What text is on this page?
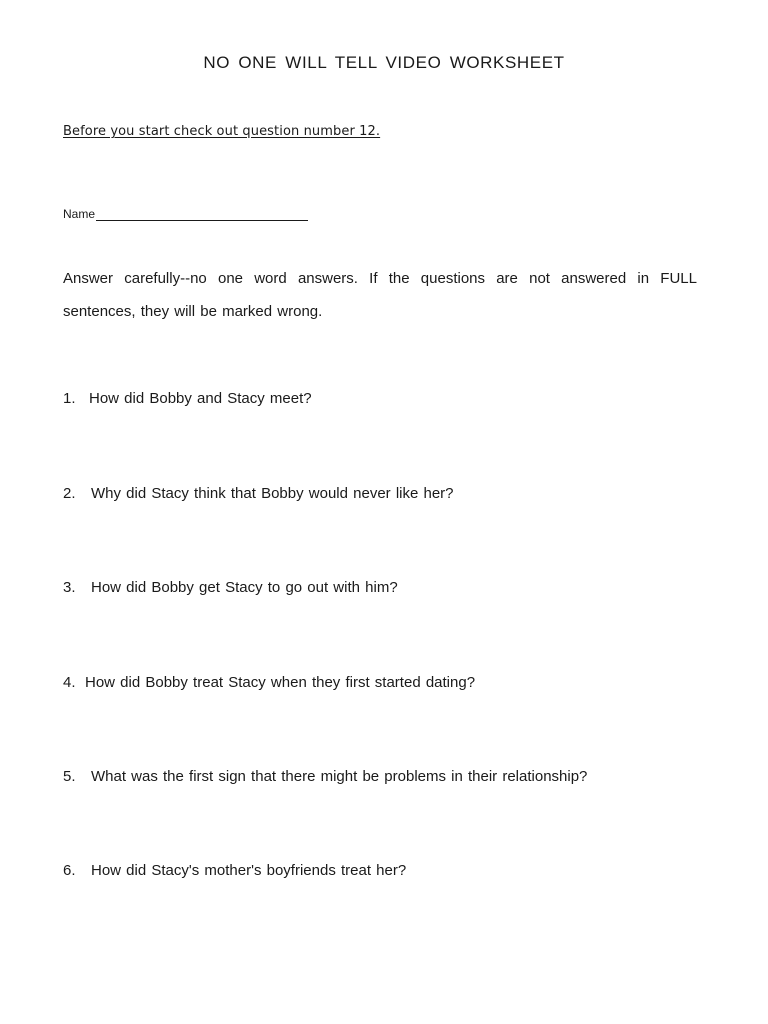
NO ONE WILL TELL VIDEO WORKSHEET
Before you start check out question number 12.
Name
Answer carefully--no one word answers. If the questions are not answered in FULL sentences, they will be marked wrong.
1. How did Bobby and Stacy meet?
2. Why did Stacy think that Bobby would never like her?
3. How did Bobby get Stacy to go out with him?
4. How did Bobby treat Stacy when they first started dating?
5. What was the first sign that there might be problems in their relationship?
6. How did Stacy's mother's boyfriends treat her?
